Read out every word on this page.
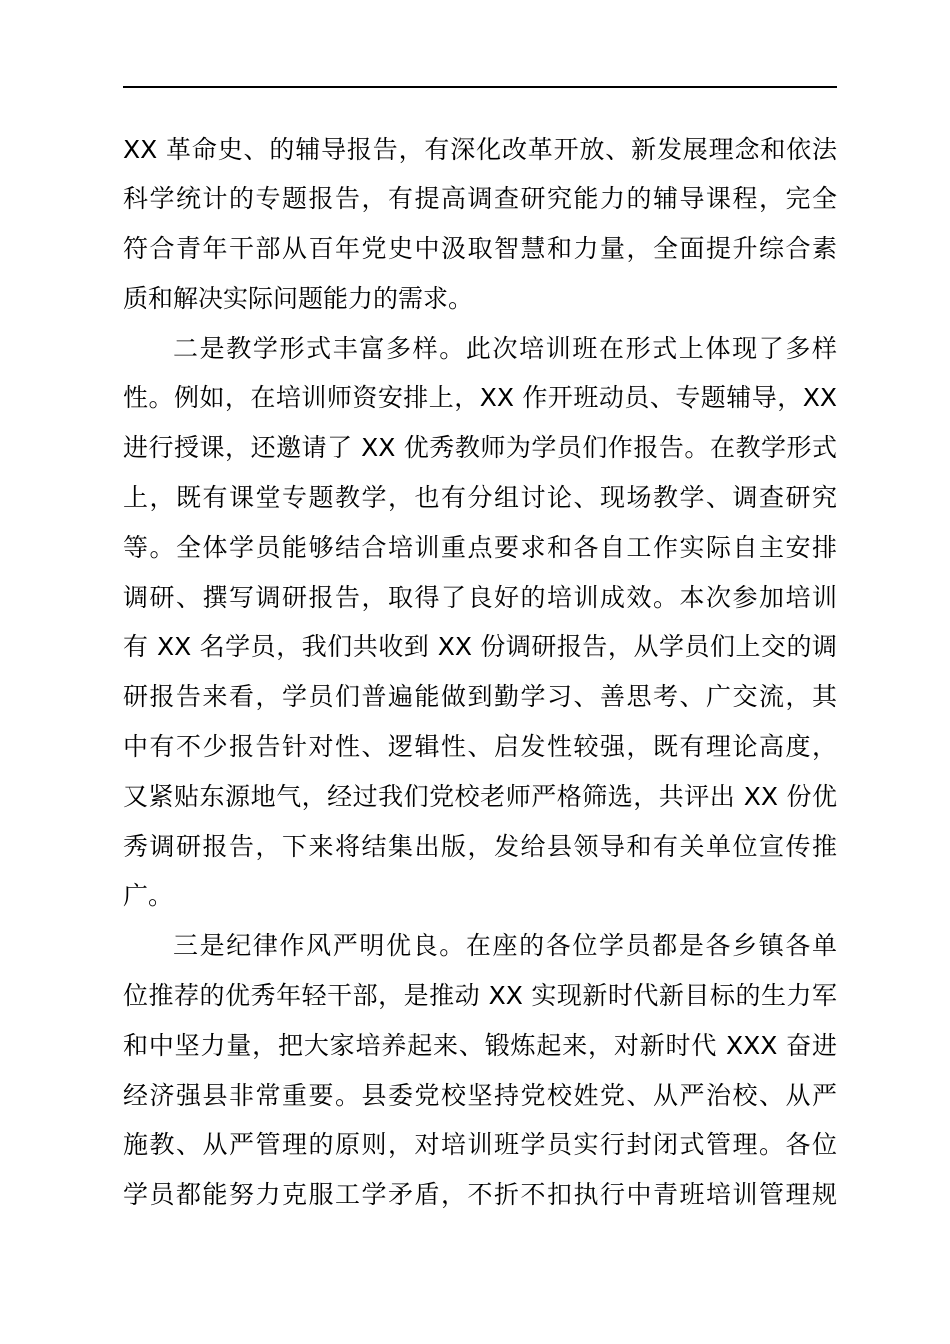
XX 革命史、的辅导报告，有深化改革开放、新发展理念和依法
科学统计的专题报告，有提高调查研究能力的辅导课程，完全
符合青年干部从百年党史中汲取智慧和力量，全面提升综合素
质和解决实际问题能力的需求。
二是教学形式丰富多样。此次培训班在形式上体现了多样
性。例如，在培训师资安排上，XX 作开班动员、专题辅导，XX
进行授课，还邀请了 XX 优秀教师为学员们作报告。在教学形式
上，既有课堂专题教学，也有分组讨论、现场教学、调查研究
等。全体学员能够结合培训重点要求和各自工作实际自主安排
调研、撰写调研报告，取得了良好的培训成效。本次参加培训
有 XX 名学员，我们共收到 XX 份调研报告，从学员们上交的调
研报告来看，学员们普遍能做到勤学习、善思考、广交流，其
中有不少报告针对性、逻辑性、启发性较强，既有理论高度，
又紧贴东源地气，经过我们党校老师严格筛选，共评出 XX 份优
秀调研报告，下来将结集出版，发给县领导和有关单位宣传推
广。
三是纪律作风严明优良。在座的各位学员都是各乡镇各单
位推荐的优秀年轻干部，是推动 XX 实现新时代新目标的生力军
和中坚力量，把大家培养起来、锻炼起来，对新时代 XXX 奋进
经济强县非常重要。县委党校坚持党校姓党、从严治校、从严
施教、从严管理的原则，对培训班学员实行封闭式管理。各位
学员都能努力克服工学矛盾，不折不扣执行中青班培训管理规
